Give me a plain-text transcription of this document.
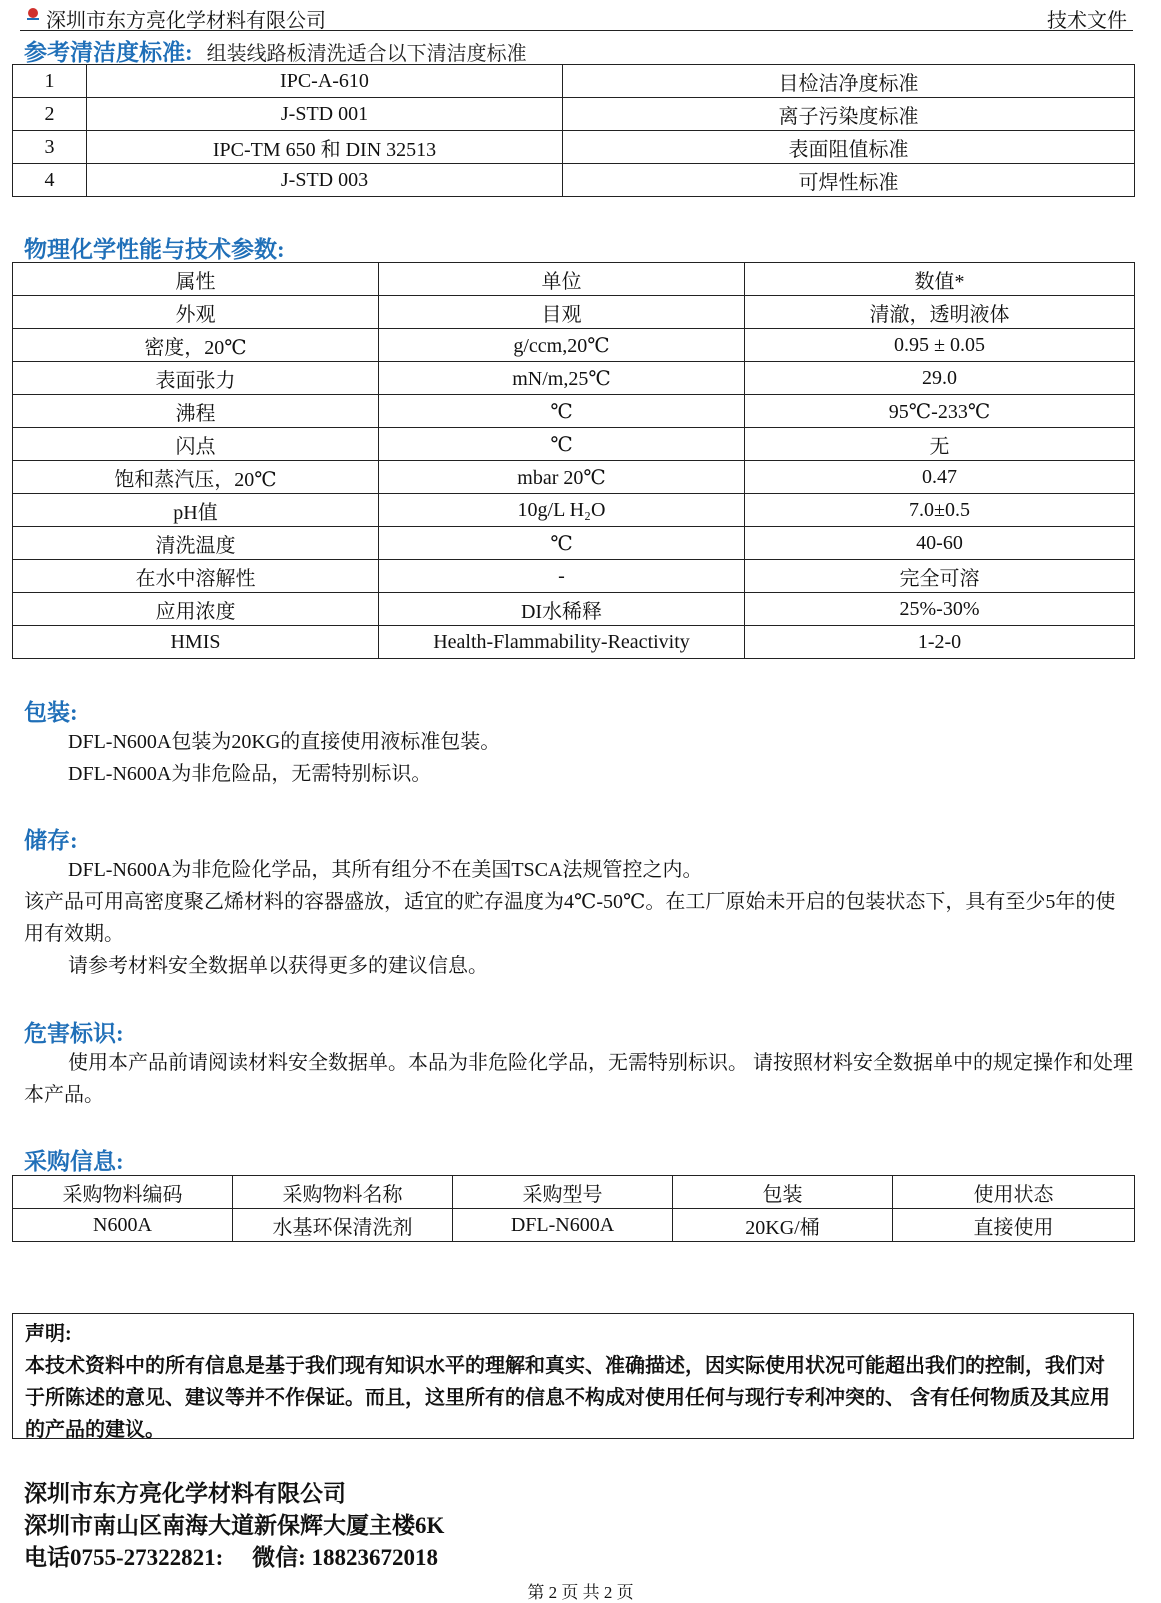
深圳市东方亮化学材料有限公司	技术文件
参考清洁度标准: 组装线路板清洗适合以下清洁度标准
1	IPC-A-610	目检洁净度标准
2	J-STD 001	离子污染度标准
3	IPC-TM 650 和 DIN 32513	表面阻值标准
4	J-STD 003	可焊性标准
物理化学性能与技术参数:
属性	单位	数值*
外观	目观	清澈，透明液体
密度，20℃	g/ccm,20℃	0.95 ± 0.05
表面张力	mN/m,25℃	29.0
沸程	℃	95℃-233℃
闪点	℃	无
饱和蒸汽压，20℃	mbar 20℃	0.47
pH值	10g/L H₂O	7.0±0.5
清洗温度	℃	40-60
在水中溶解性	-	完全可溶
应用浓度	DI水稀释	25%-30%
HMIS	Health-Flammability-Reactivity	1-2-0
包装:
DFL-N600A包装为20KG的直接使用液标准包装。
DFL-N600A为非危险品，无需特别标识。
储存:
DFL-N600A为非危险化学品，其所有组分不在美国TSCA法规管控之内。
该产品可用高密度聚乙烯材料的容器盛放，适宜的贮存温度为4℃-50℃。在工厂原始未开启的包装状态下，具有至少5年的使用有效期。
请参考材料安全数据单以获得更多的建议信息。
危害标识:
使用本产品前请阅读材料安全数据单。本品为非危险化学品，无需特别标识。 请按照材料安全数据单中的规定操作和处理本产品。
采购信息:
采购物料编码	采购物料名称	采购型号	包装	使用状态
N600A	水基环保清洗剂	DFL-N600A	20KG/桶	直接使用
声明:
本技术资料中的所有信息是基于我们现有知识水平的理解和真实、准确描述，因实际使用状况可能超出我们的控制，我们对于所陈述的意见、建议等并不作保证。而且，这里所有的信息不构成对使用任何与现行专利冲突的、 含有任何物质及其应用的产品的建议。
深圳市东方亮化学材料有限公司
深圳市南山区南海大道新保辉大厦主楼6K
电话0755-27322821:     微信: 18823672018
第 2 页 共 2 页
